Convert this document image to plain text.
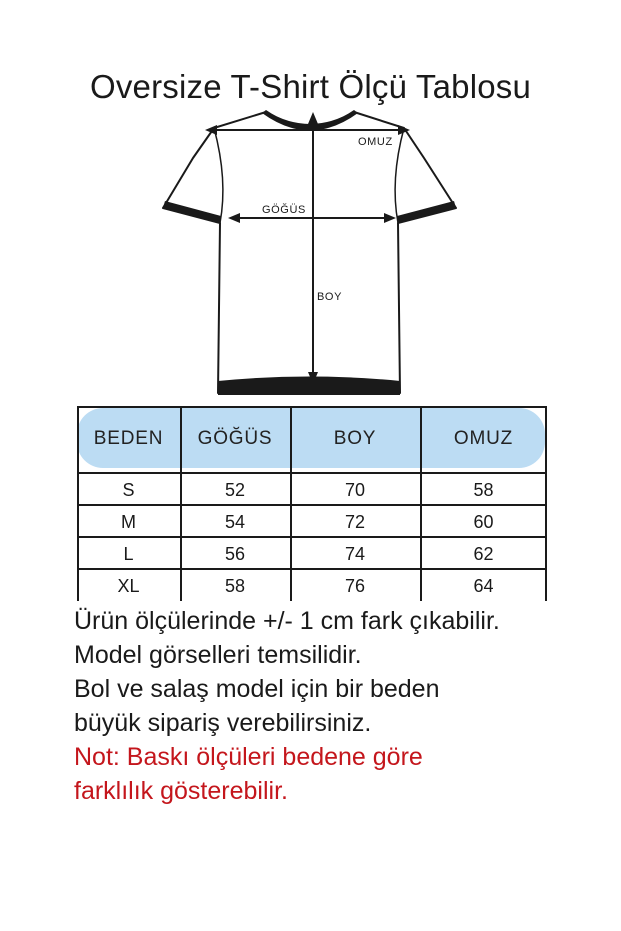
Oversize T-Shirt Ölçü Tablosu
OMUZ
GÖĞÜS
BOY
BEDEN	GÖĞÜS	BOY	OMUZ
S	52	70	58
M	54	72	60
L	56	74	62
XL	58	76	64
Ürün ölçülerinde +/- 1 cm fark çıkabilir.
Model görselleri temsilidir.
Bol ve salaş model için bir beden
büyük sipariş verebilirsiniz.
Not: Baskı ölçüleri bedene göre
farklılık gösterebilir.
